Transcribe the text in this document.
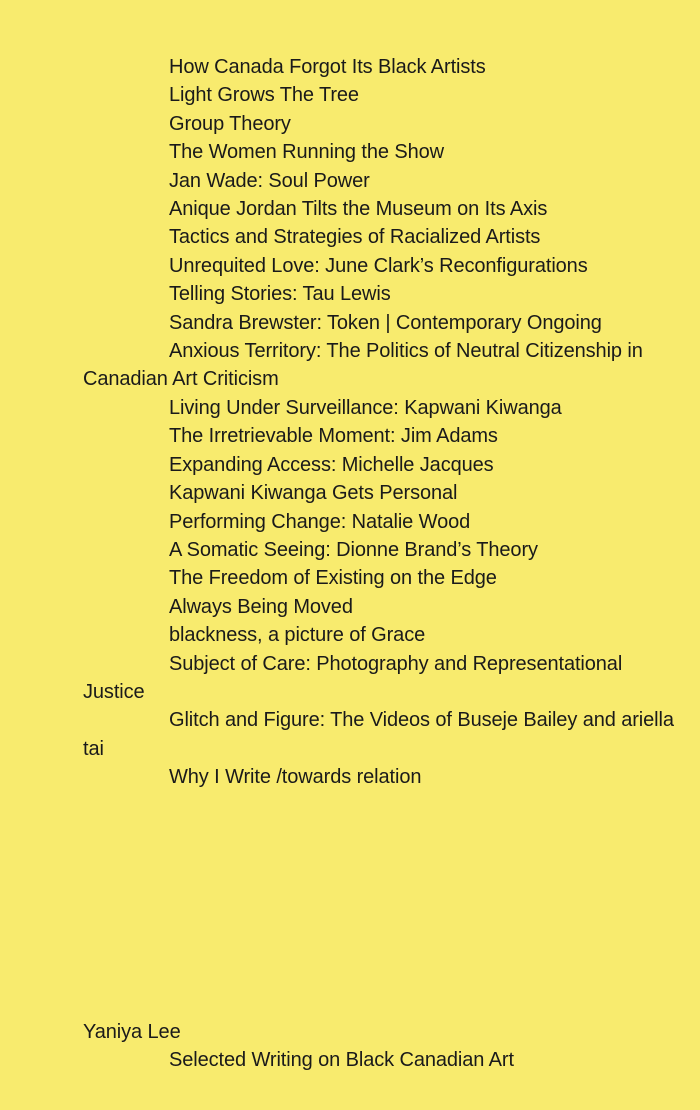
How Canada Forgot Its Black Artists
Light Grows The Tree
Group Theory
The Women Running the Show
Jan Wade: Soul Power
Anique Jordan Tilts the Museum on Its Axis
Tactics and Strategies of Racialized Artists
Unrequited Love: June Clark’s Reconfigurations
Telling Stories: Tau Lewis
Sandra Brewster: Token | Contemporary Ongoing
Anxious Territory: The Politics of Neutral Citizenship in Canadian Art Criticism
Living Under Surveillance: Kapwani Kiwanga
The Irretrievable Moment: Jim Adams
Expanding Access: Michelle Jacques
Kapwani Kiwanga Gets Personal
Performing Change: Natalie Wood
A Somatic Seeing: Dionne Brand’s Theory
The Freedom of Existing on the Edge
Always Being Moved
blackness, a picture of Grace
Subject of Care: Photography and Representational Justice
Glitch and Figure: The Videos of Buseje Bailey and ariella tai
Why I Write /towards relation
Yaniya Lee
Selected Writing on Black Canadian Art
